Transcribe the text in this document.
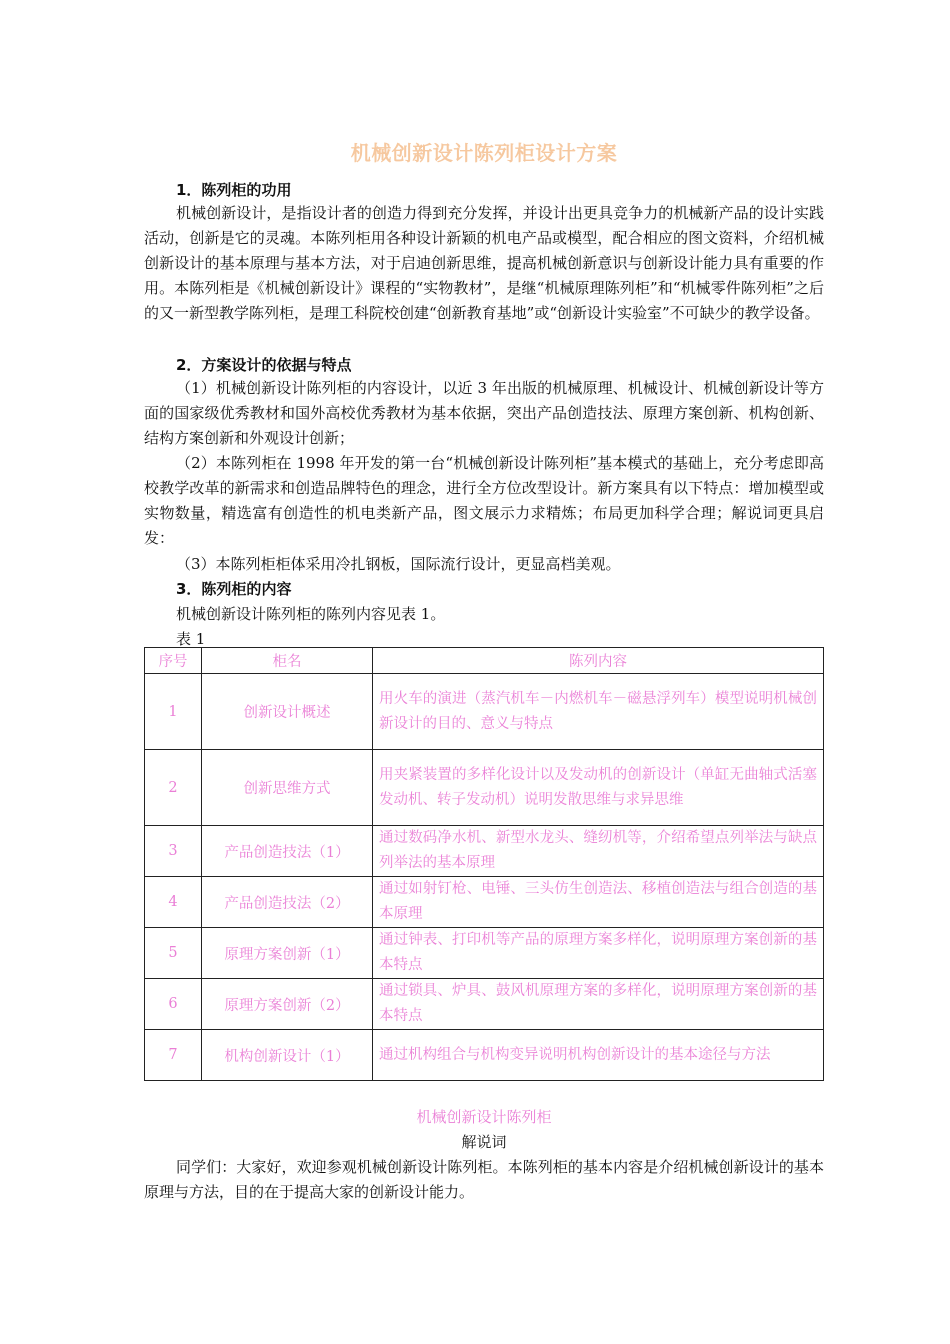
机械创新设计陈列柜设计方案
1．陈列柜的功用

机械创新设计，是指设计者的创造力得到充分发挥，并设计出更具竞争力的机械新产品的设计实践活动，创新是它的灵魂。本陈列柜用各种设计新颖的机电产品或模型，配合相应的图文资料，介绍机械创新设计的基本原理与基本方法，对于启迪创新思维，提高机械创新意识与创新设计能力具有重要的作用。本陈列柜是《机械创新设计》课程的“实物教材”，是继“机械原理陈列柜”和“机械零件陈列柜”之后的又一新型教学陈列柜，是理工科院校创建“创新教育基地”或“创新设计实验室”不可缺少的教学设备。

2．方案设计的依据与特点

（1）机械创新设计陈列柜的内容设计，以近 3 年出版的机械原理、机械设计、机械创新设计等方面的国家级优秀教材和国外高校优秀教材为基本依据，突出产品创造技法、原理方案创新、机构创新、结构方案创新和外观设计创新；

（2）本陈列柜在 1998 年开发的第一台“机械创新设计陈列柜”基本模式的基础上，充分考虑即高校教学改革的新需求和创造品牌特色的理念，进行全方位改型设计。新方案具有以下特点：增加模型或实物数量，精选富有创造性的机电类新产品，图文展示力求精炼；布局更加科学合理；解说词更具启发：

（3）本陈列柜柜体采用冷扎钢板，国际流行设计，更显高档美观。
3．陈列柜的内容
机械创新设计陈列柜的陈列内容见表 1。
表 1
序号	柜名	陈列内容
1	创新设计概述	用火车的演进（蒸汽机车－内燃机车－磁悬浮列车）模型说明机械创新设计的目的、意义与特点
2	创新思维方式	用夹紧装置的多样化设计以及发动机的创新设计（单缸无曲轴式活塞发动机、转子发动机）说明发散思维与求异思维
3	产品创造技法（1）	通过数码净水机、新型水龙头、缝纫机等，介绍希望点列举法与缺点列举法的基本原理
4	产品创造技法（2）	通过如射钉枪、电锤、三头仿生创造法、移植创造法与组合创造的基本原理
5	原理方案创新（1）	通过钟表、打印机等产品的原理方案多样化，说明原理方案创新的基本特点
6	原理方案创新（2）	通过锁具、炉具、鼓风机原理方案的多样化，说明原理方案创新的基本特点
7	机构创新设计（1）	通过机构组合与机构变异说明机构创新设计的基本途径与方法
机械创新设计陈列柜
解说词

同学们：大家好，欢迎参观机械创新设计陈列柜。本陈列柜的基本内容是介绍机械创新设计的基本原理与方法，目的在于提高大家的创新设计能力。
